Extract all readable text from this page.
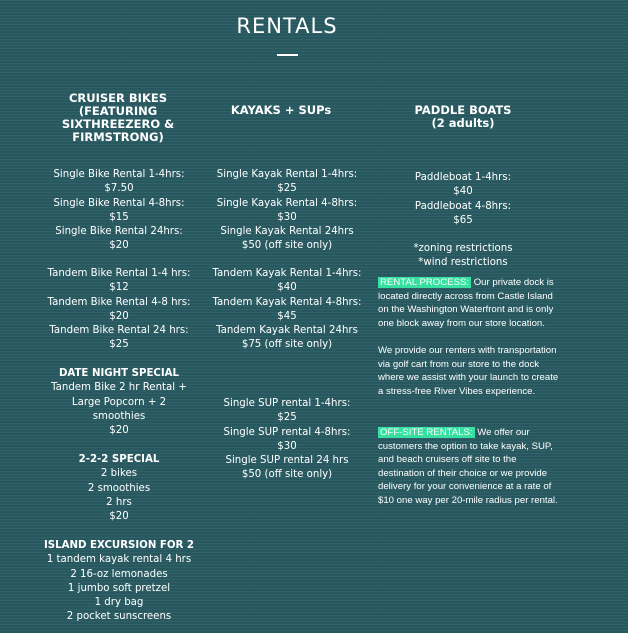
RENTALS
CRUISER BIKES
(FEATURING SIXTHREEZERO &
FIRMSTRONG)
KAYAKS + SUPs	PADDLE BOATS
(2 adults)
Single Bike Rental 1-4hrs:
$7.50
Single Bike Rental 4-8hrs:
$15
Single Bike Rental 24hrs:
$20
Tandem Bike Rental 1-4 hrs:
$12
Tandem Bike Rental 4-8 hrs:
$20
Tandem Bike Rental 24 hrs:
$25
DATE NIGHT SPECIAL
Tandem Bike 2 hr Rental +
Large Popcorn + 2
smoothies
$20
2-2-2 SPECIAL
2 bikes
2 smoothies
2 hrs
$20
ISLAND EXCURSION FOR 2
1 tandem kayak rental 4 hrs
2 16-oz lemonades
1 jumbo soft pretzel
1 dry bag
2 pocket sunscreens
Single Kayak Rental 1-4hrs:
$25
Single Kayak Rental 4-8hrs:
$30
Single Kayak Rental 24hrs
$50 (off site only)
Tandem Kayak Rental 1-4hrs:
$40
Tandem Kayak Rental 4-8hrs:
$45
Tandem Kayak Rental 24hrs
$75 (off site only)
Single SUP rental 1-4hrs:
$25
Single SUP rental 4-8hrs:
$30
Single SUP rental 24 hrs
$50 (off site only)
Paddleboat 1-4hrs:
$40
Paddleboat 4-8hrs:
$65
*zoning restrictions
*wind restrictions
RENTAL PROCESS: Our private dock is located directly across from Castle Island on the Washington Waterfront and is only one block away from our store location.
We provide our renters with transportation via golf cart from our store to the dock where we assist with your launch to create a stress-free River Vibes experience.
OFF-SITE RENTALS: We offer our customers the option to take kayak, SUP, and beach cruisers off site to the destination of their choice or we provide delivery for your convenience at a rate of $10 one way per 20-mile radius per rental.
